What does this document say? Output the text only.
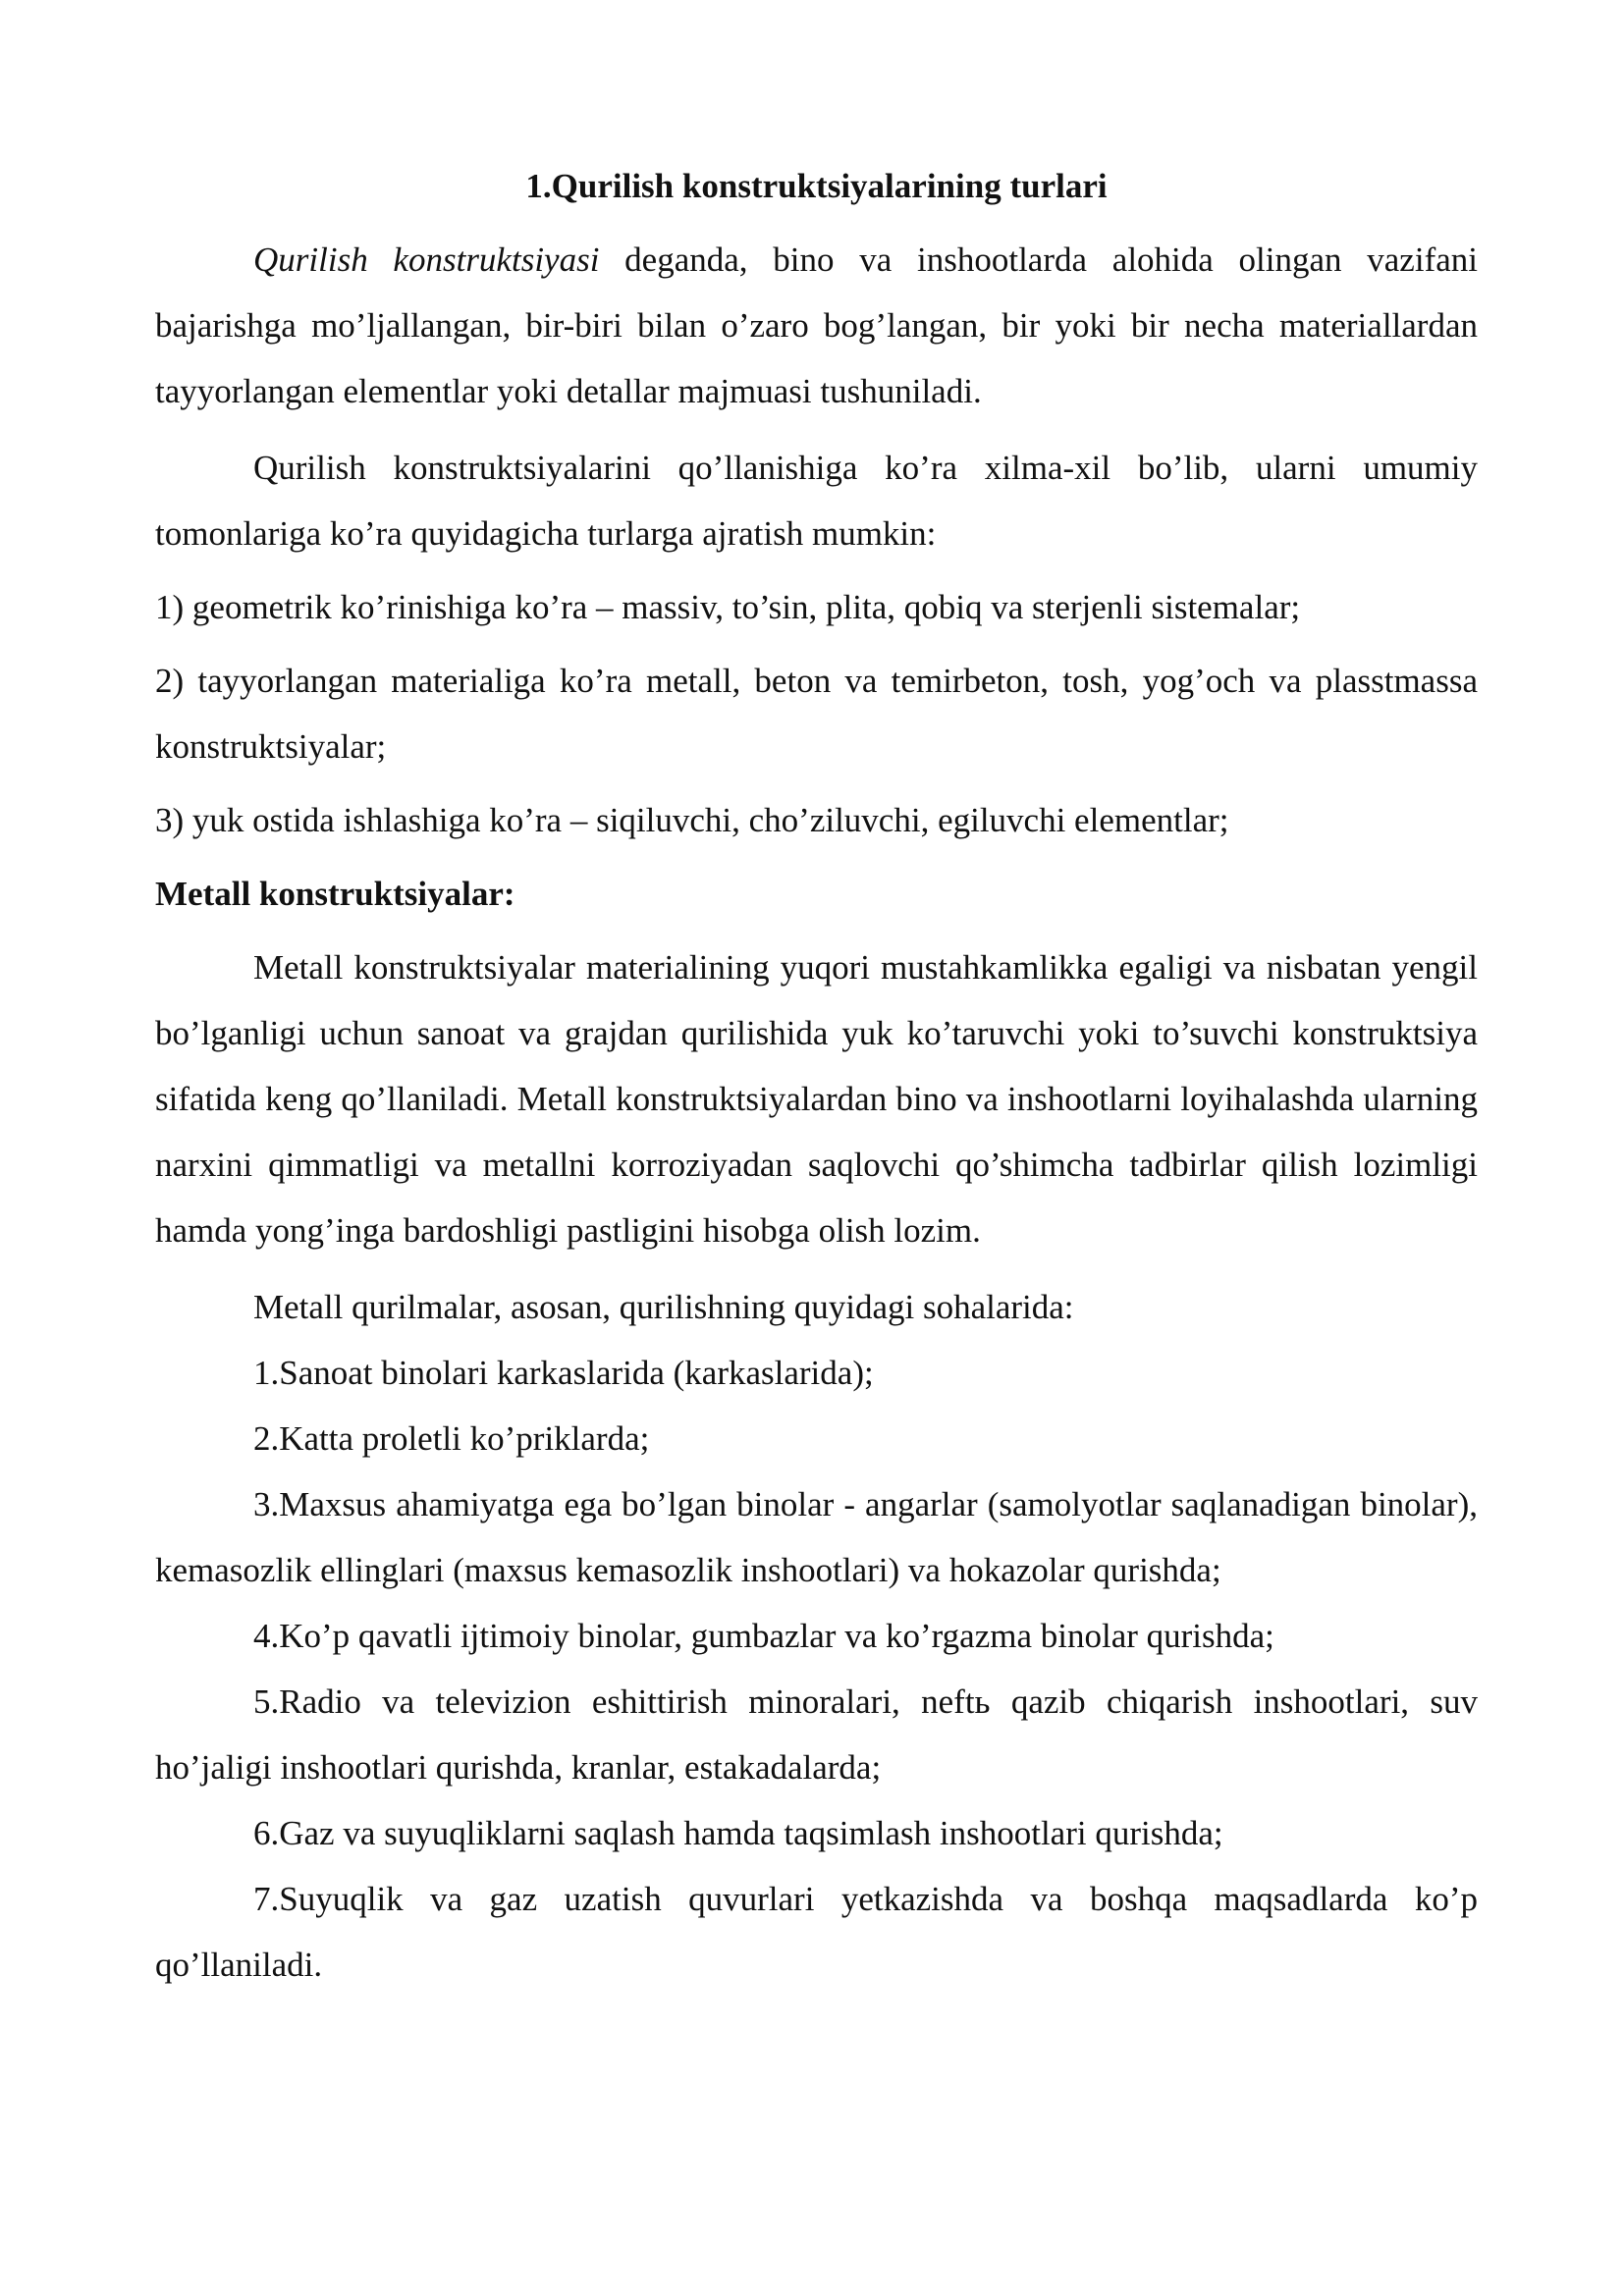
1.Qurilish konstruktsiyalarining turlari

Qurilish konstruktsiyasi deganda, bino va inshootlarda alohida olingan vazifani bajarishga mo’ljallangan, bir-biri bilan o’zaro bog’langan, bir yoki bir necha materiallardan tayyorlangan elementlar yoki detallar majmuasi tushuniladi.

Qurilish konstruktsiyalarini qo’llanishiga ko’ra xilma-xil bo’lib, ularni umumiy tomonlariga ko’ra quyidagicha turlarga ajratish mumkin:

1) geometrik ko’rinishiga ko’ra – massiv, to’sin, plita, qobiq va sterjenli sistemalar;

2) tayyorlangan materialiga ko’ra metall, beton va temirbeton, tosh, yog’och va plasstmassa konstruktsiyalar;

3) yuk ostida ishlashiga ko’ra – siqiluvchi, cho’ziluvchi, egiluvchi elementlar;

Metall konstruktsiyalar:

Metall konstruktsiyalar materialining yuqori mustahkamlikka egaligi va nisbatan yengil bo’lganligi uchun sanoat va grajdan qurilishida yuk ko’taruvchi yoki to’suvchi konstruktsiya sifatida keng qo’llaniladi. Metall konstruktsiyalardan bino va inshootlarni loyihalashda ularning narxini qimmatligi va metallni korroziyadan saqlovchi qo’shimcha tadbirlar qilish lozimligi hamda yong’inga bardoshligi pastligini hisobga olish lozim.

Metall qurilmalar, asosan, qurilishning quyidagi sohalarida:

1.Sanoat binolari karkaslarida (karkaslarida);

2.Katta proletli ko’priklarda;

3.Maxsus ahamiyatga ega bo’lgan binolar - angarlar (samolyotlar saqlanadigan binolar), kemasozlik ellinglari (maxsus kemasozlik inshootlari) va hokazolar qurishda;

4.Ko’p qavatli ijtimoiy binolar, gumbazlar va ko’rgazma binolar qurishda;

5.Radio va televizion eshittirish minoralari, neftь qazib chiqarish inshootlari, suv ho’jaligi inshootlari qurishda, kranlar, estakadalarda;

6.Gaz va suyuqliklarni saqlash hamda taqsimlash inshootlari qurishda;

7.Suyuqlik va gaz uzatish quvurlari yetkazishda va boshqa maqsadlarda ko’p qo’llaniladi.
